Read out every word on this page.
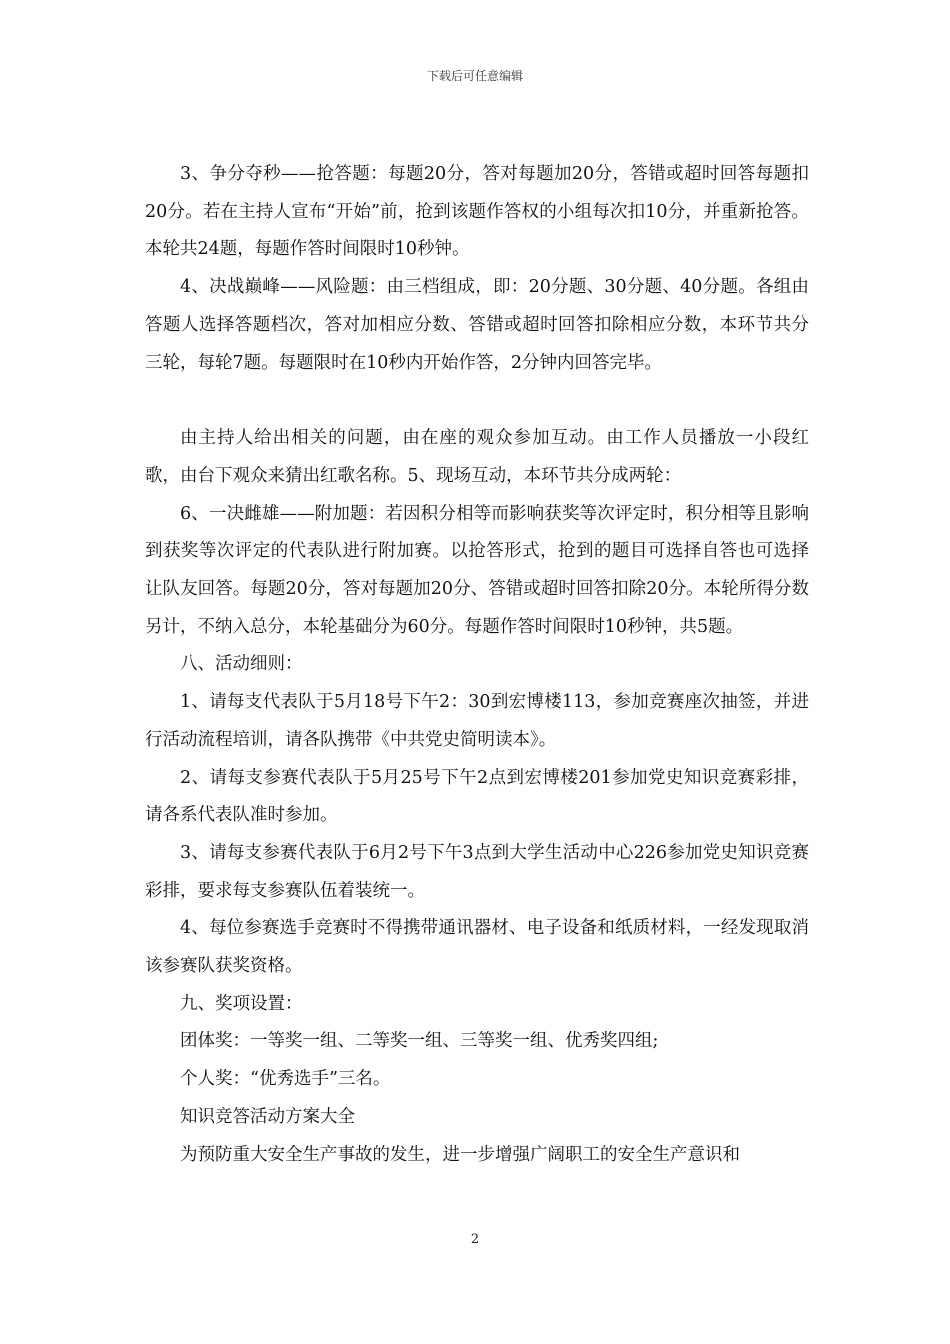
下载后可任意编辑

3、争分夺秒——抢答题：每题20分，答对每题加20分，答错或超时回答每题扣20分。若在主持人宣布“开始”前，抢到该题作答权的小组每次扣10分，并重新抢答。本轮共24题，每题作答时间限时10秒钟。

4、决战巅峰——风险题：由三档组成，即：20分题、30分题、40分题。各组由答题人选择答题档次，答对加相应分数、答错或超时回答扣除相应分数，本环节共分三轮，每轮7题。每题限时在10秒内开始作答，2分钟内回答完毕。

由主持人给出相关的问题，由在座的观众参加互动。由工作人员播放一小段红歌，由台下观众来猜出红歌名称。5、现场互动，本环节共分成两轮：

6、一决雌雄——附加题：若因积分相等而影响获奖等次评定时，积分相等且影响到获奖等次评定的代表队进行附加赛。以抢答形式，抢到的题目可选择自答也可选择让队友回答。每题20分，答对每题加20分、答错或超时回答扣除20分。本轮所得分数另计，不纳入总分，本轮基础分为60分。每题作答时间限时10秒钟，共5题。

八、活动细则：

1、请每支代表队于5月18号下午2：30到宏博楼113，参加竞赛座次抽签，并进行活动流程培训，请各队携带《中共党史简明读本》。

2、请每支参赛代表队于5月25号下午2点到宏博楼201参加党史知识竞赛彩排，请各系代表队准时参加。

3、请每支参赛代表队于6月2号下午3点到大学生活动中心226参加党史知识竞赛彩排，要求每支参赛队伍着装统一。

4、每位参赛选手竞赛时不得携带通讯器材、电子设备和纸质材料，一经发现取消该参赛队获奖资格。

九、奖项设置：

团体奖：一等奖一组、二等奖一组、三等奖一组、优秀奖四组;

个人奖：“优秀选手”三名。

知识竞答活动方案大全

为预防重大安全生产事故的发生，进一步增强广阔职工的安全生产意识和

2
